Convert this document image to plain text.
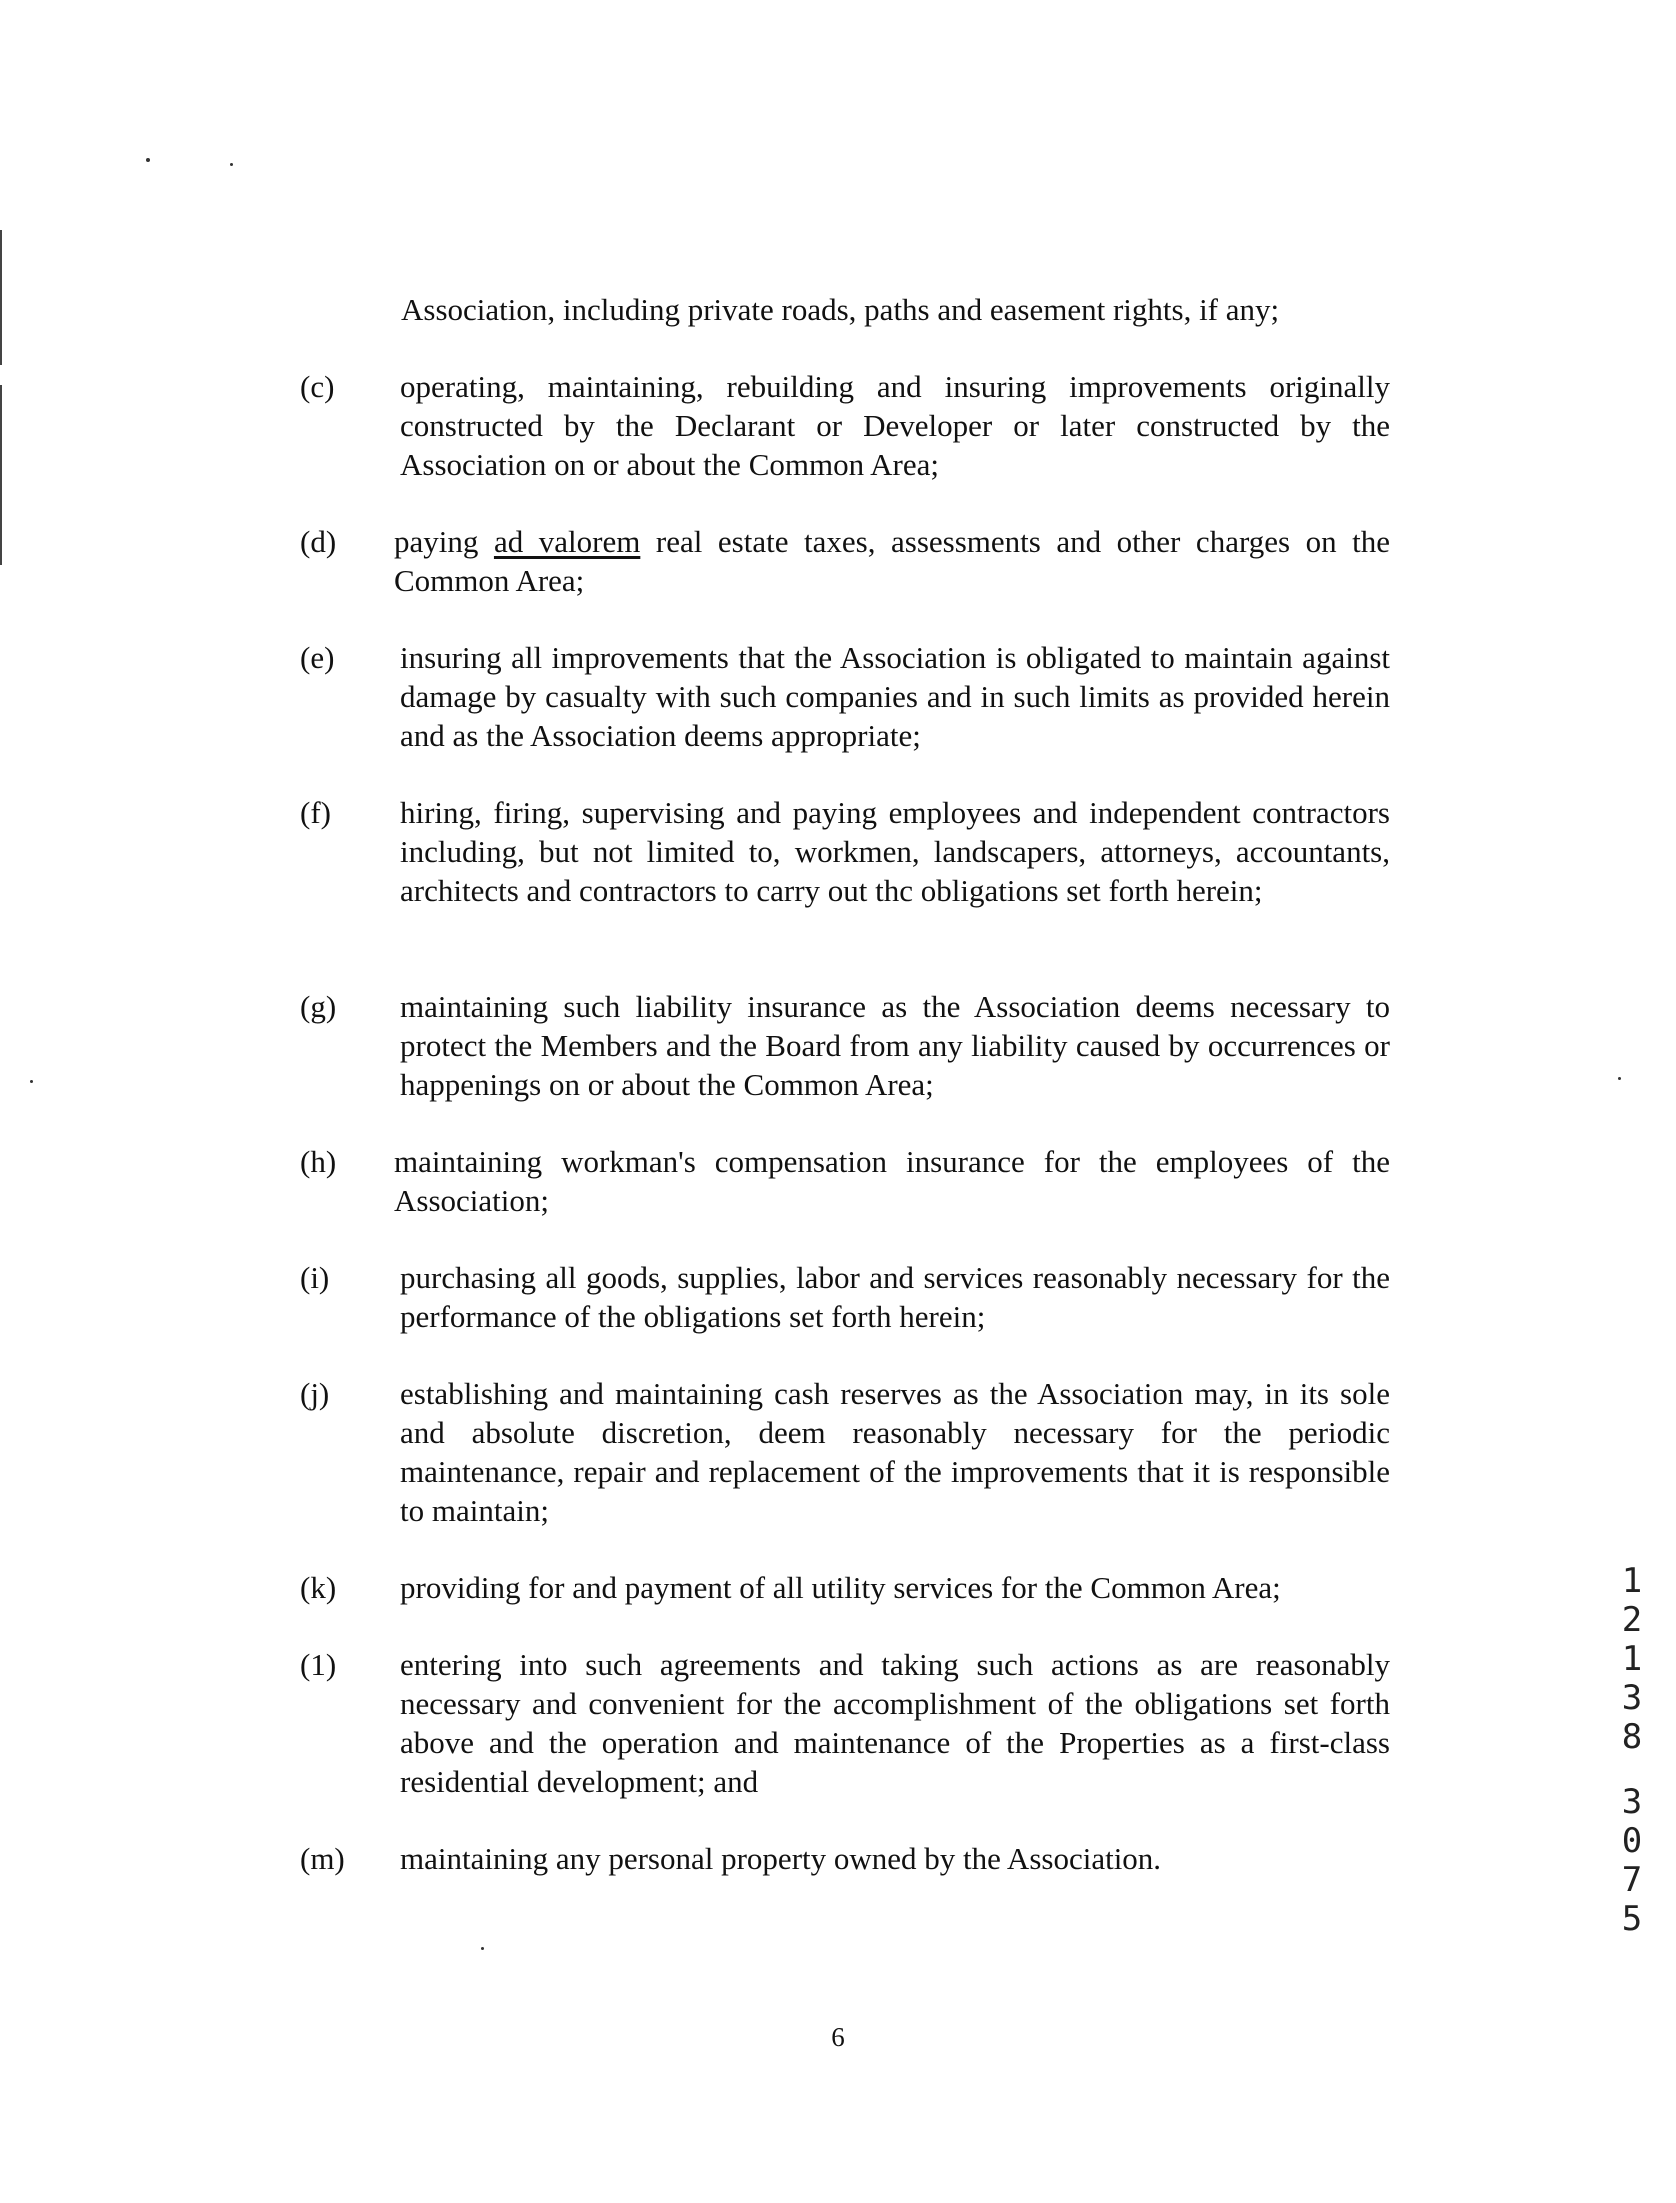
Association, including private roads, paths and easement rights, if any;
(c)	operating, maintaining, rebuilding and insuring improvements originally constructed by the Declarant or Developer or later constructed by the Association on or about the Common Area;
(d)	paying ad valorem real estate taxes, assessments and other charges on the Common Area;
(e)	insuring all improvements that the Association is obligated to maintain against damage by casualty with such companies and in such limits as provided herein and as the Association deems appropriate;
(f)	hiring, firing, supervising and paying employees and independent contractors including, but not limited to, workmen, landscapers, attorneys, accountants, architects and contractors to carry out thc obligations set forth herein;
(g)	maintaining such liability insurance as the Association deems necessary to protect the Members and the Board from any liability caused by occurrences or happenings on or about the Common Area;
(h)	maintaining workman's compensation insurance for the employees of the Association;
(i)	purchasing all goods, supplies, labor and services reasonably necessary for the performance of the obligations set forth herein;
(j)	establishing and maintaining cash reserves as the Association may, in its sole and absolute discretion, deem reasonably necessary for the periodic maintenance, repair and replacement of the improvements that it is responsible to maintain;
(k)	providing for and payment of all utility services for the Common Area;
(1)	entering into such agreements and taking such actions as are reasonably necessary and convenient for the accomplishment of the obligations set forth above and the operation and maintenance of the Properties as a first-class residential development; and
(m)	maintaining any personal property owned by the Association.
1
2
1
3
8
3
0
7
5
6
